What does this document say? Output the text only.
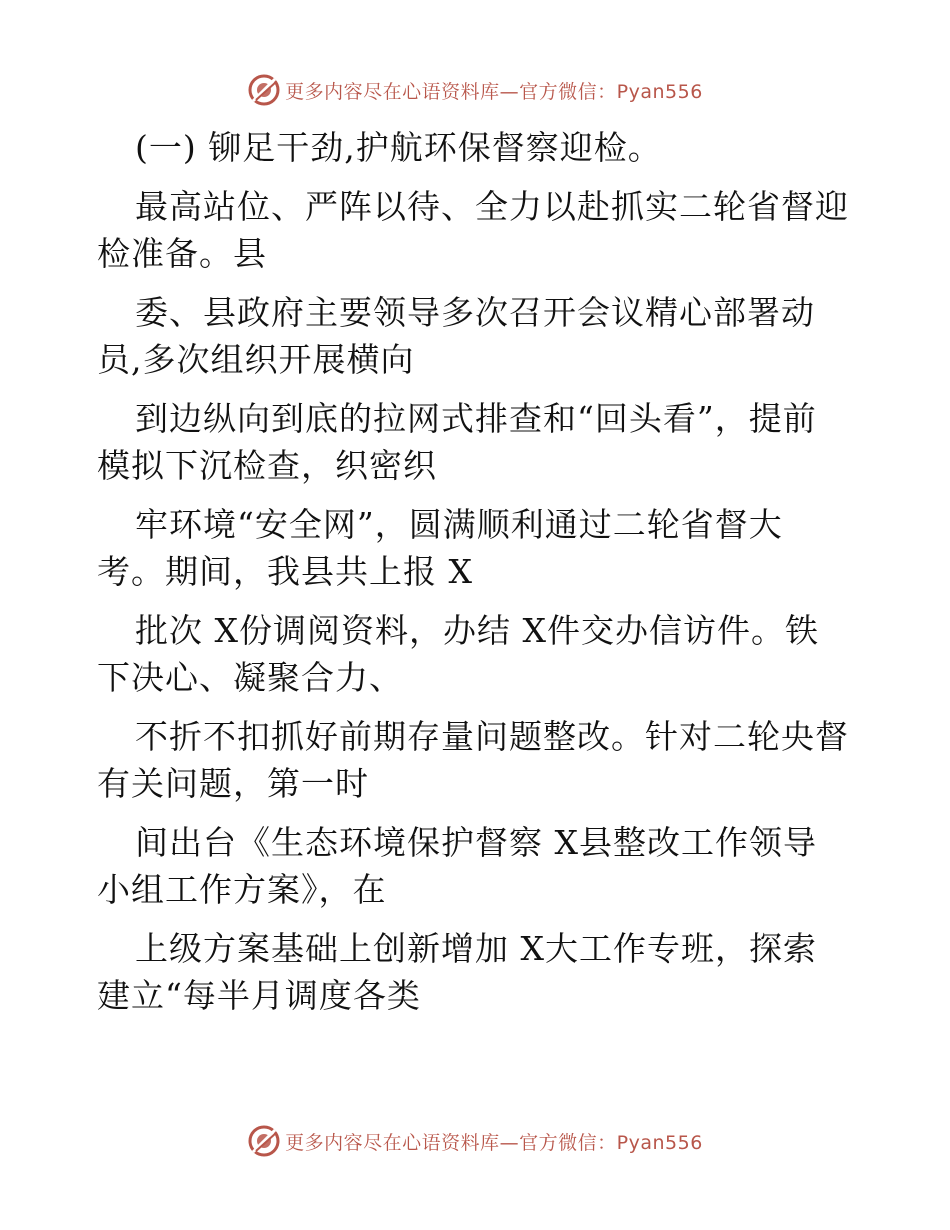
更多内容尽在心语资料库—官方微信：Pyan556
(一) 铆足干劲,护航环保督察迎检。
最高站位、严阵以待、全力以赴抓实二轮省督迎
检准备。县
委、县政府主要领导多次召开会议精心部署动
员,多次组织开展横向
到边纵向到底的拉网式排查和“回头看”，提前
模拟下沉检查，织密织
牢环境“安全网”，圆满顺利通过二轮省督大
考。期间，我县共上报 X
批次 X份调阅资料，办结 X件交办信访件。铁
下决心、凝聚合力、
不折不扣抓好前期存量问题整改。针对二轮央督
有关问题，第一时
间出台《生态环境保护督察 X县整改工作领导
小组工作方案》，在
上级方案基础上创新增加 X大工作专班，探索
建立“每半月调度各类
更多内容尽在心语资料库—官方微信：Pyan556
